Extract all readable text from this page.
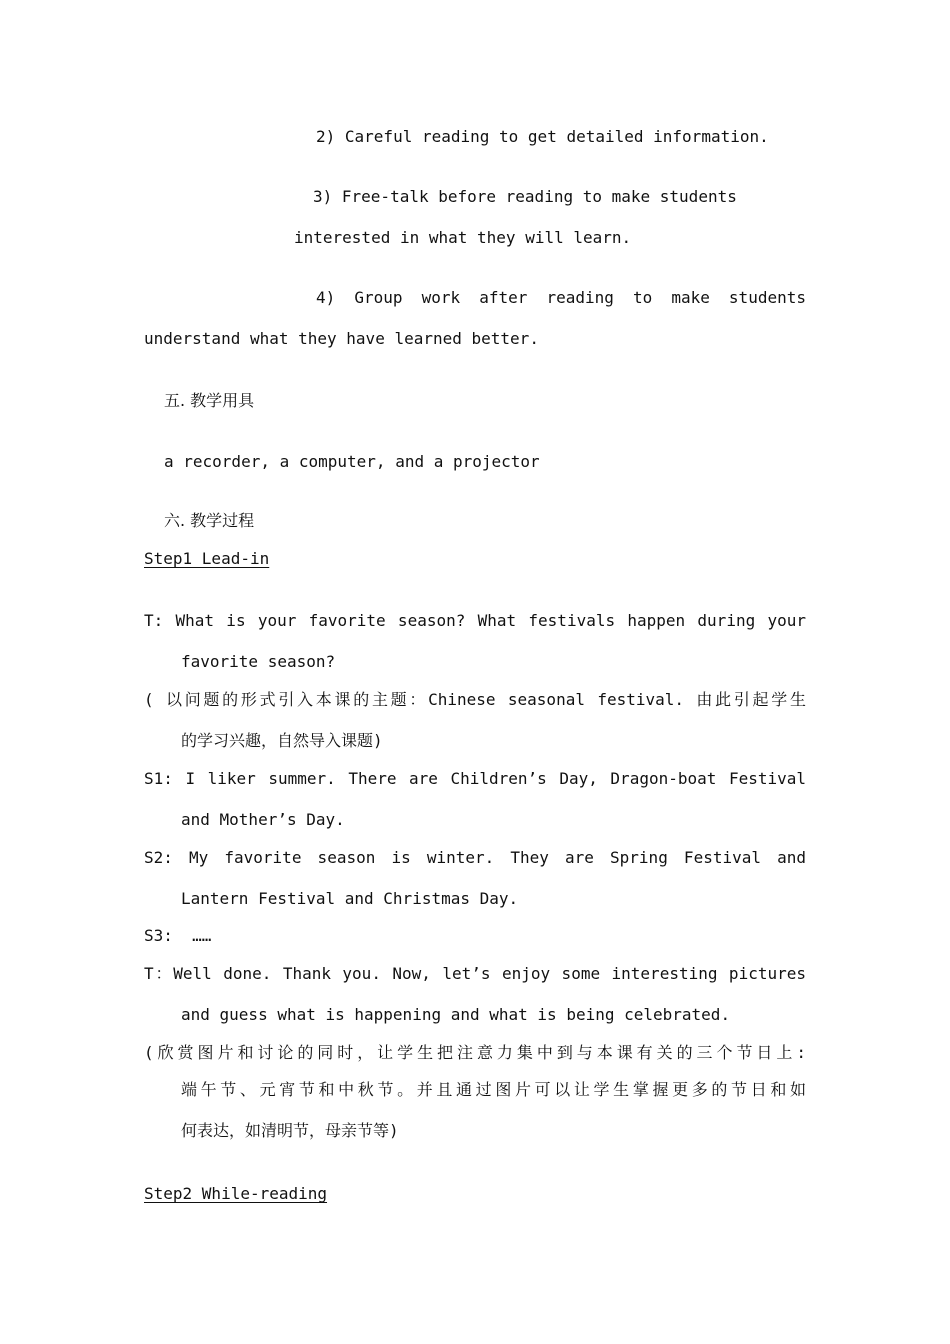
2) Careful reading to get detailed information.
3) Free-talk before reading to make students
interested in what they will learn.
4) Group work after reading to make students
understand what they have learned better.
五. 教学用具
a recorder, a computer, and a projector
六. 教学过程
Step1 Lead-in
T: What is your favorite season? What festivals happen during your
favorite season?
( 以问题的形式引入本课的主题：Chinese seasonal festival. 由此引起学生
的学习兴趣，自然导入课题)
S1: I liker summer. There are Children’s Day, Dragon-boat Festival
and Mother’s Day.
S2: My favorite season is winter. They are Spring Festival and
Lantern Festival and Christmas Day.
S3:  ……
T：Well done. Thank you. Now, let’s enjoy some interesting pictures
and guess what is happening and what is being celebrated.
(欣赏图片和讨论的同时，让学生把注意力集中到与本课有关的三个节日上:
端午节、元宵节和中秋节。并且通过图片可以让学生掌握更多的节日和如
何表达，如清明节，母亲节等)
Step2 While-reading
